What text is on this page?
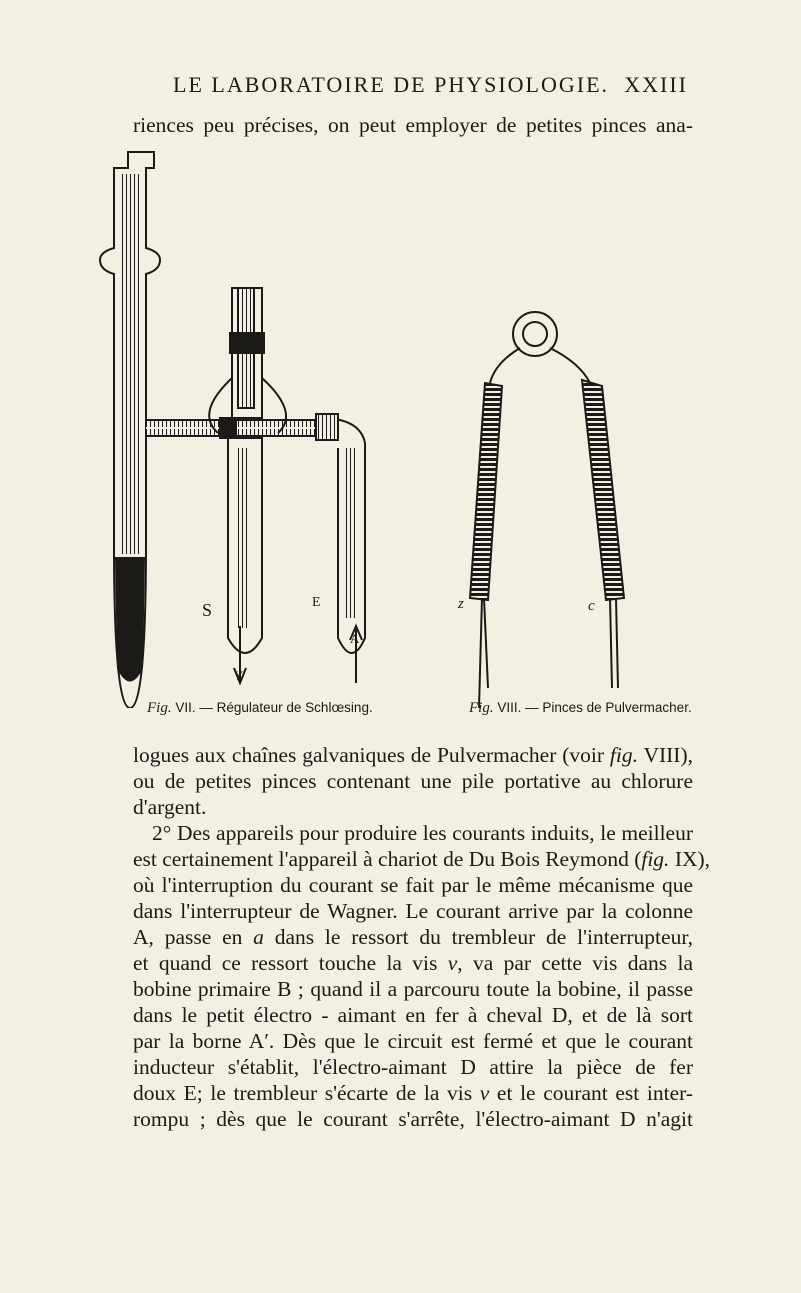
LE LABORATOIRE DE PHYSIOLOGIE. XXIII
riences peu précises, on peut employer de petites pinces ana-
S	E
Y
A
z	c
Fig. VII. — Régulateur de Schlœsing.	Fig. VIII. — Pinces de Pulvermacher.
logues aux chaînes galvaniques de Pulvermacher (voir fig. VIII),
ou de petites pinces contenant une pile portative au chlorure
d'argent.
2° Des appareils pour produire les courants induits, le meilleur
est certainement l'appareil à chariot de Du Bois Reymond (fig. IX),
où l'interruption du courant se fait par le même mécanisme que
dans l'interrupteur de Wagner. Le courant arrive par la colonne
A, passe en a dans le ressort du trembleur de l'interrupteur,
et quand ce ressort touche la vis v, va par cette vis dans la
bobine primaire B ; quand il a parcouru toute la bobine, il passe
dans le petit électro - aimant en fer à cheval D, et de là sort
par la borne A′. Dès que le circuit est fermé et que le courant
inducteur s'établit, l'électro-aimant D attire la pièce de fer
doux E; le trembleur s'écarte de la vis v et le courant est inter-
rompu ; dès que le courant s'arrête, l'électro-aimant D n'agit
